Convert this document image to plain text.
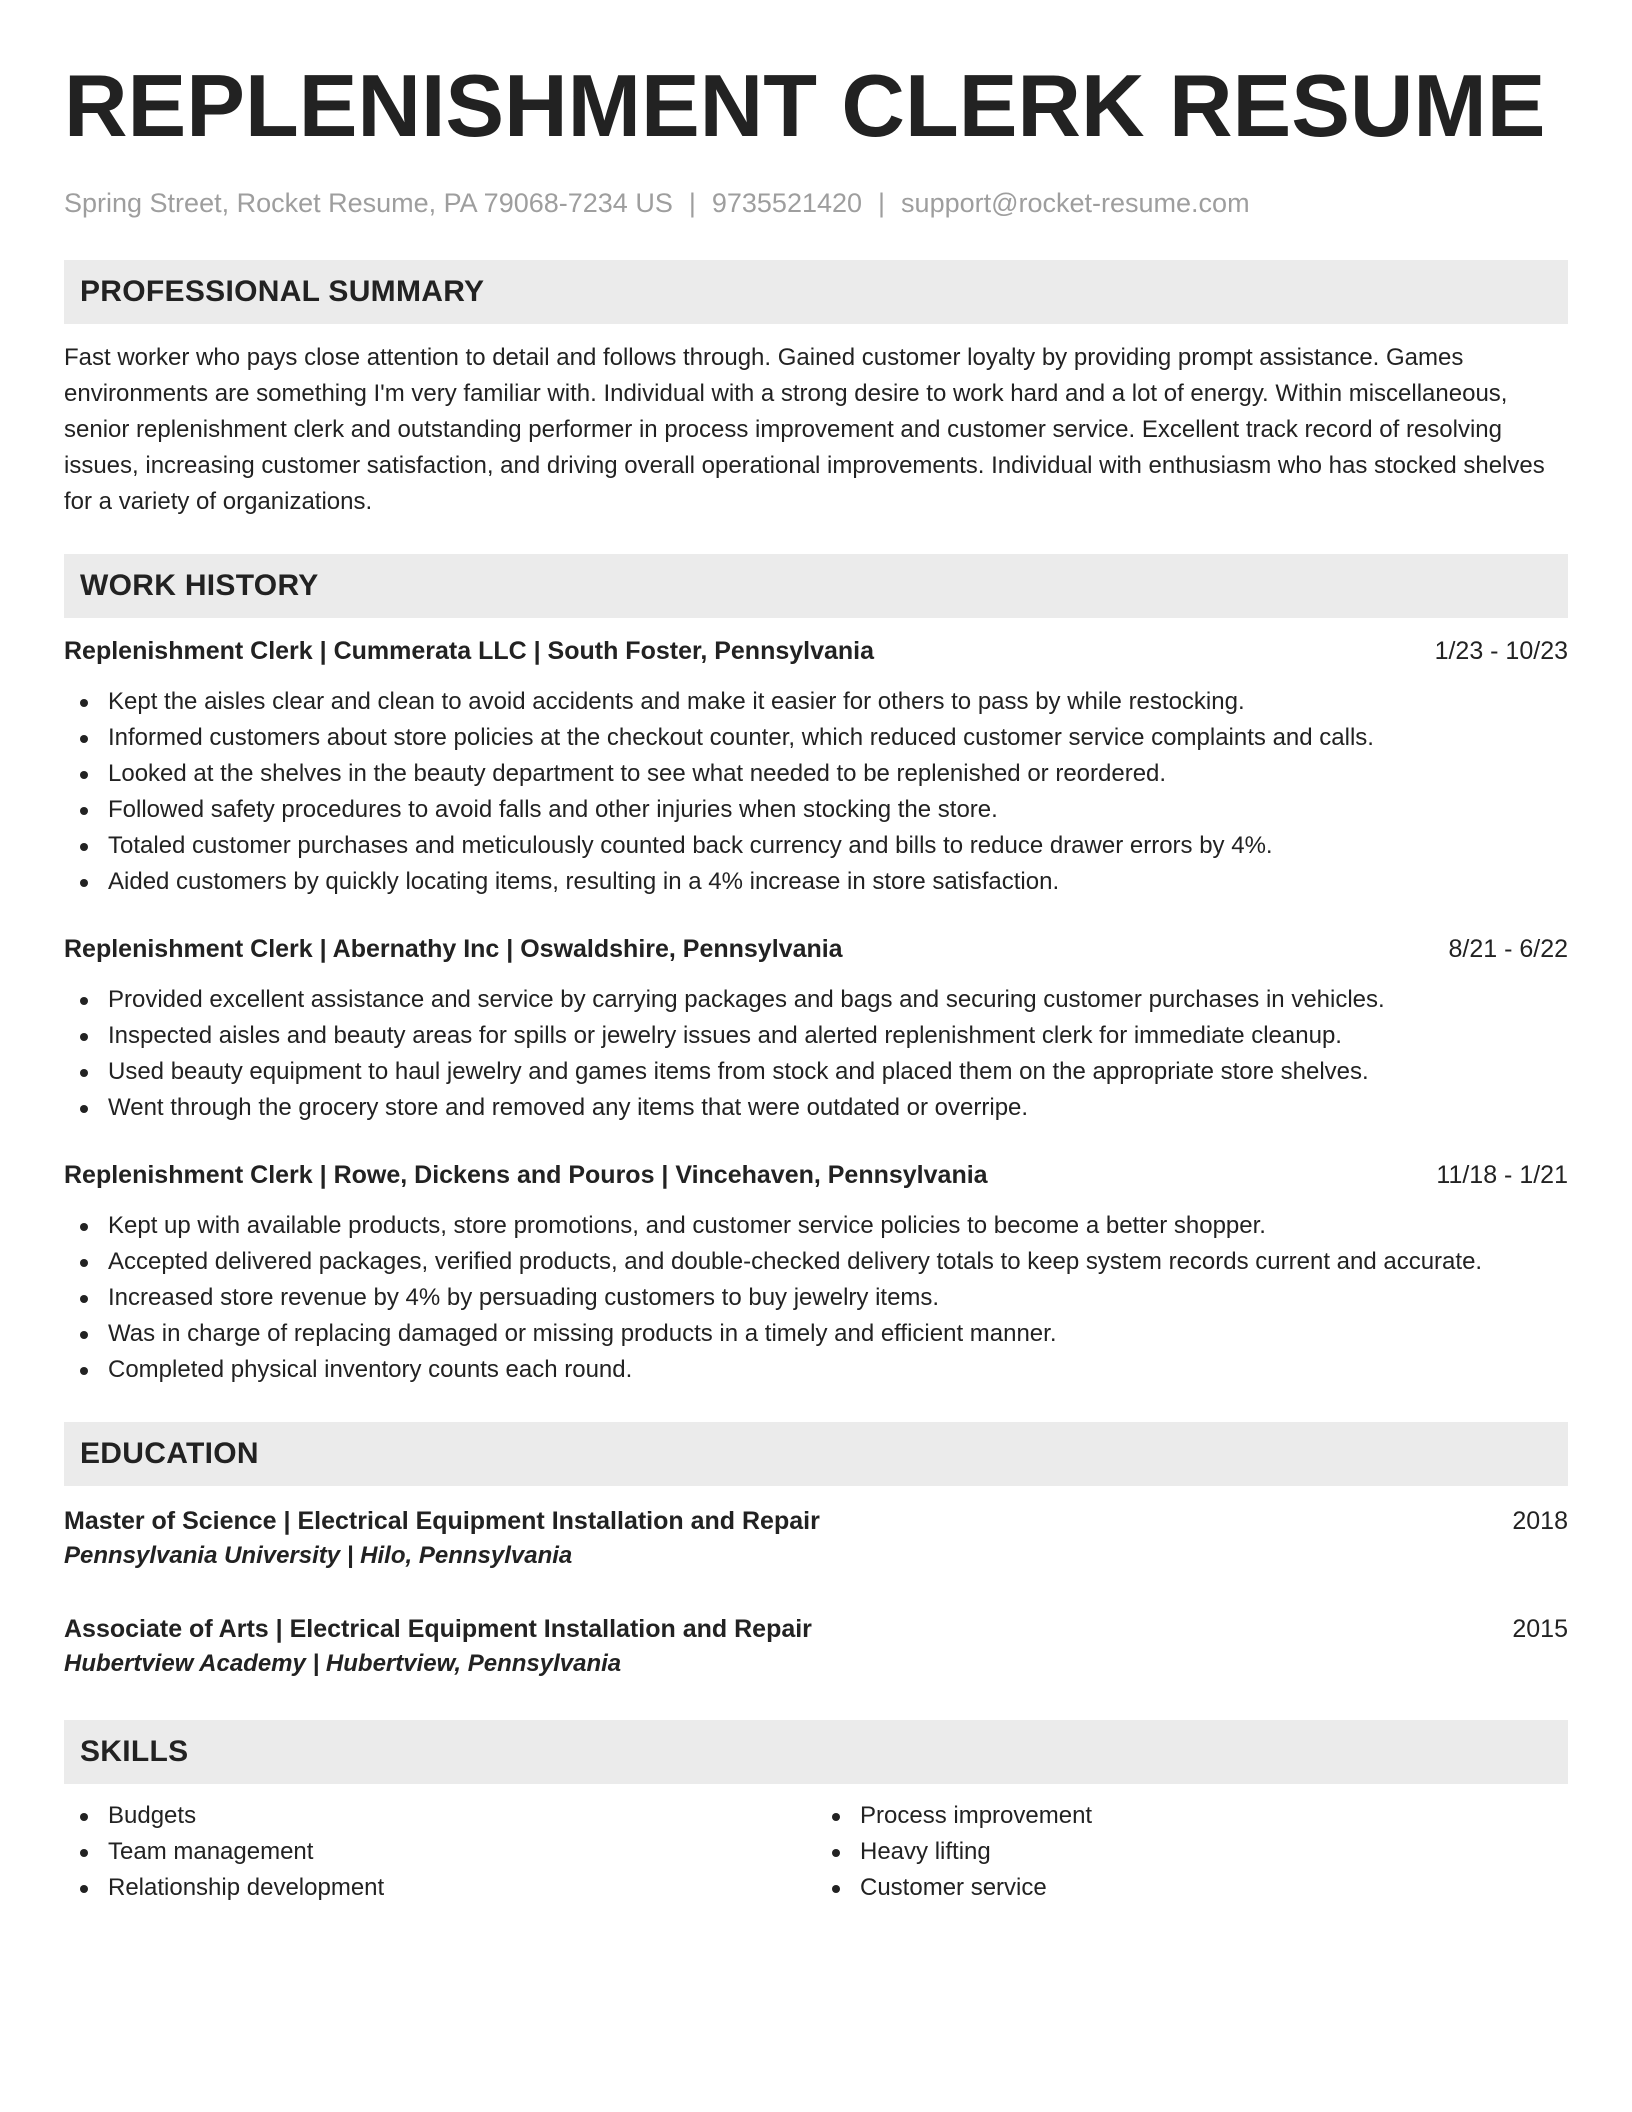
REPLENISHMENT CLERK RESUME
Spring Street, Rocket Resume, PA 79068-7234 US | 9735521420 | support@rocket-resume.com
PROFESSIONAL SUMMARY

Fast worker who pays close attention to detail and follows through. Gained customer loyalty by providing prompt assistance. Games environments are something I'm very familiar with. Individual with a strong desire to work hard and a lot of energy. Within miscellaneous, senior replenishment clerk and outstanding performer in process improvement and customer service. Excellent track record of resolving issues, increasing customer satisfaction, and driving overall operational improvements. Individual with enthusiasm who has stocked shelves for a variety of organizations.

WORK HISTORY
Replenishment Clerk | Cummerata LLC | South Foster, Pennsylvania	1/23 - 10/23
Kept the aisles clear and clean to avoid accidents and make it easier for others to pass by while restocking.
Informed customers about store policies at the checkout counter, which reduced customer service complaints and calls.
Looked at the shelves in the beauty department to see what needed to be replenished or reordered.
Followed safety procedures to avoid falls and other injuries when stocking the store.
Totaled customer purchases and meticulously counted back currency and bills to reduce drawer errors by 4%.
Aided customers by quickly locating items, resulting in a 4% increase in store satisfaction.
Replenishment Clerk | Abernathy Inc | Oswaldshire, Pennsylvania	8/21 - 6/22
Provided excellent assistance and service by carrying packages and bags and securing customer purchases in vehicles.
Inspected aisles and beauty areas for spills or jewelry issues and alerted replenishment clerk for immediate cleanup.
Used beauty equipment to haul jewelry and games items from stock and placed them on the appropriate store shelves.
Went through the grocery store and removed any items that were outdated or overripe.
Replenishment Clerk | Rowe, Dickens and Pouros | Vincehaven, Pennsylvania	11/18 - 1/21
Kept up with available products, store promotions, and customer service policies to become a better shopper.
Accepted delivered packages, verified products, and double-checked delivery totals to keep system records current and accurate.
Increased store revenue by 4% by persuading customers to buy jewelry items.
Was in charge of replacing damaged or missing products in a timely and efficient manner.
Completed physical inventory counts each round.
EDUCATION
Master of Science | Electrical Equipment Installation and Repair	2018
Pennsylvania University | Hilo, Pennsylvania
Associate of Arts | Electrical Equipment Installation and Repair	2015
Hubertview Academy | Hubertview, Pennsylvania
SKILLS
Budgets
Team management
Relationship development
Process improvement
Heavy lifting
Customer service
